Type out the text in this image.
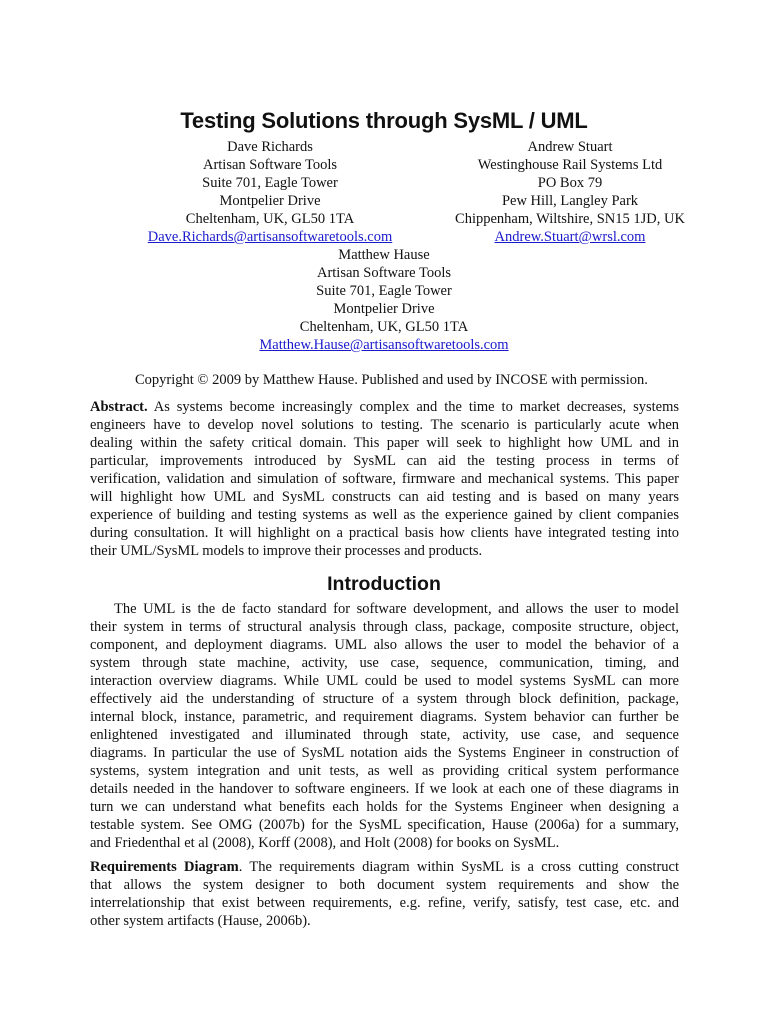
Testing Solutions through SysML / UML
Dave Richards
Artisan Software Tools
Suite 701, Eagle Tower
Montpelier Drive
Cheltenham, UK, GL50 1TA
Dave.Richards@artisansoftwaretools.com
Andrew Stuart
Westinghouse Rail Systems Ltd
PO Box 79
Pew Hill, Langley Park
Chippenham, Wiltshire, SN15 1JD, UK
Andrew.Stuart@wrsl.com
Matthew Hause
Artisan Software Tools
Suite 701, Eagle Tower
Montpelier Drive
Cheltenham, UK, GL50 1TA
Matthew.Hause@artisansoftwaretools.com
Copyright © 2009 by Matthew Hause. Published and used by INCOSE with permission.
Abstract. As systems become increasingly complex and the time to market decreases, systems
engineers have to develop novel solutions to testing. The scenario is particularly acute when
dealing within the safety critical domain. This paper will seek to highlight how UML and in
particular, improvements introduced by SysML can aid the testing process in terms of
verification, validation and simulation of software, firmware and mechanical systems. This paper
will highlight how UML and SysML constructs can aid testing and is based on many years
experience of building and testing systems as well as the experience gained by client companies
during consultation. It will highlight on a practical basis how clients have integrated testing into
their UML/SysML models to improve their processes and products.
Introduction
The UML is the de facto standard for software development, and allows the user to model
their system in terms of structural analysis through class, package, composite structure, object,
component, and deployment diagrams. UML also allows the user to model the behavior of a
system through state machine, activity, use case, sequence, communication, timing, and
interaction overview diagrams. While UML could be used to model systems SysML can more
effectively aid the understanding of structure of a system through block definition, package,
internal block, instance, parametric, and requirement diagrams. System behavior can further be
enlightened investigated and illuminated through state, activity, use case, and sequence
diagrams. In particular the use of SysML notation aids the Systems Engineer in construction of
systems, system integration and unit tests, as well as providing critical system performance
details needed in the handover to software engineers. If we look at each one of these diagrams in
turn we can understand what benefits each holds for the Systems Engineer when designing a
testable system. See OMG (2007b) for the SysML specification, Hause (2006a) for a summary,
and Friedenthal et al (2008), Korff (2008), and Holt (2008) for books on SysML.
Requirements Diagram. The requirements diagram within SysML is a cross cutting construct
that allows the system designer to both document system requirements and show the
interrelationship that exist between requirements, e.g. refine, verify, satisfy, test case, etc. and
other system artifacts (Hause, 2006b).
